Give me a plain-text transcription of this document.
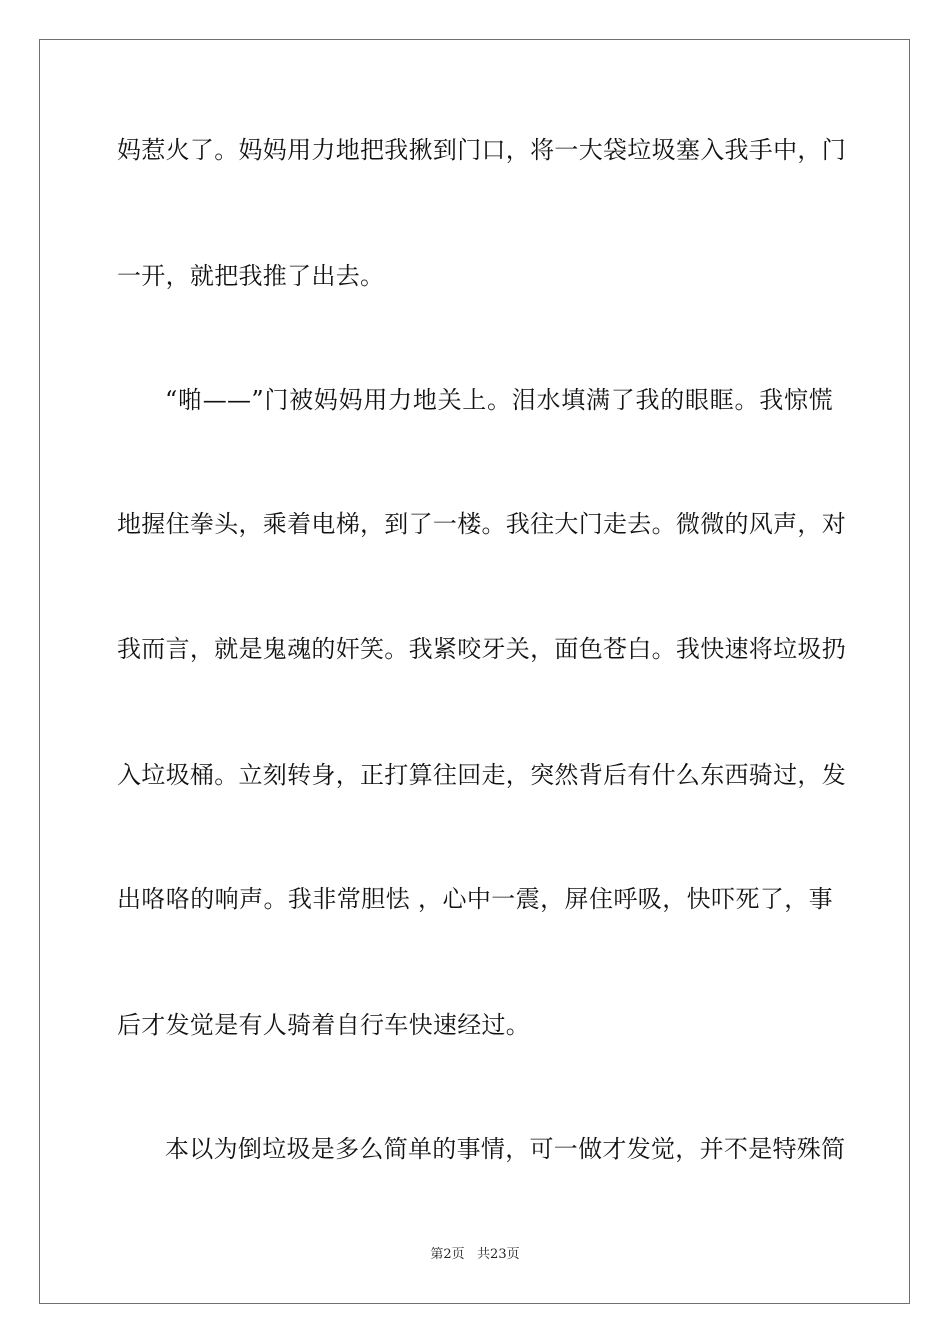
妈惹火了。妈妈用力地把我揪到门口，将一大袋垃圾塞入我手中，门
一开，就把我推了出去。
“啪——”门被妈妈用力地关上。泪水填满了我的眼眶。我惊慌
地握住拳头，乘着电梯，到了一楼。我往大门走去。微微的风声，对
我而言，就是鬼魂的奸笑。我紧咬牙关，面色苍白。我快速将垃圾扔
入垃圾桶。立刻转身，正打算往回走，突然背后有什么东西骑过，发
出咯咯的响声。我非常胆怯 ，心中一震，屏住呼吸，快吓死了，事
后才发觉是有人骑着自行车快速经过。
本以为倒垃圾是多么简单的事情，可一做才发觉，并不是特殊简
第2页   共23页
